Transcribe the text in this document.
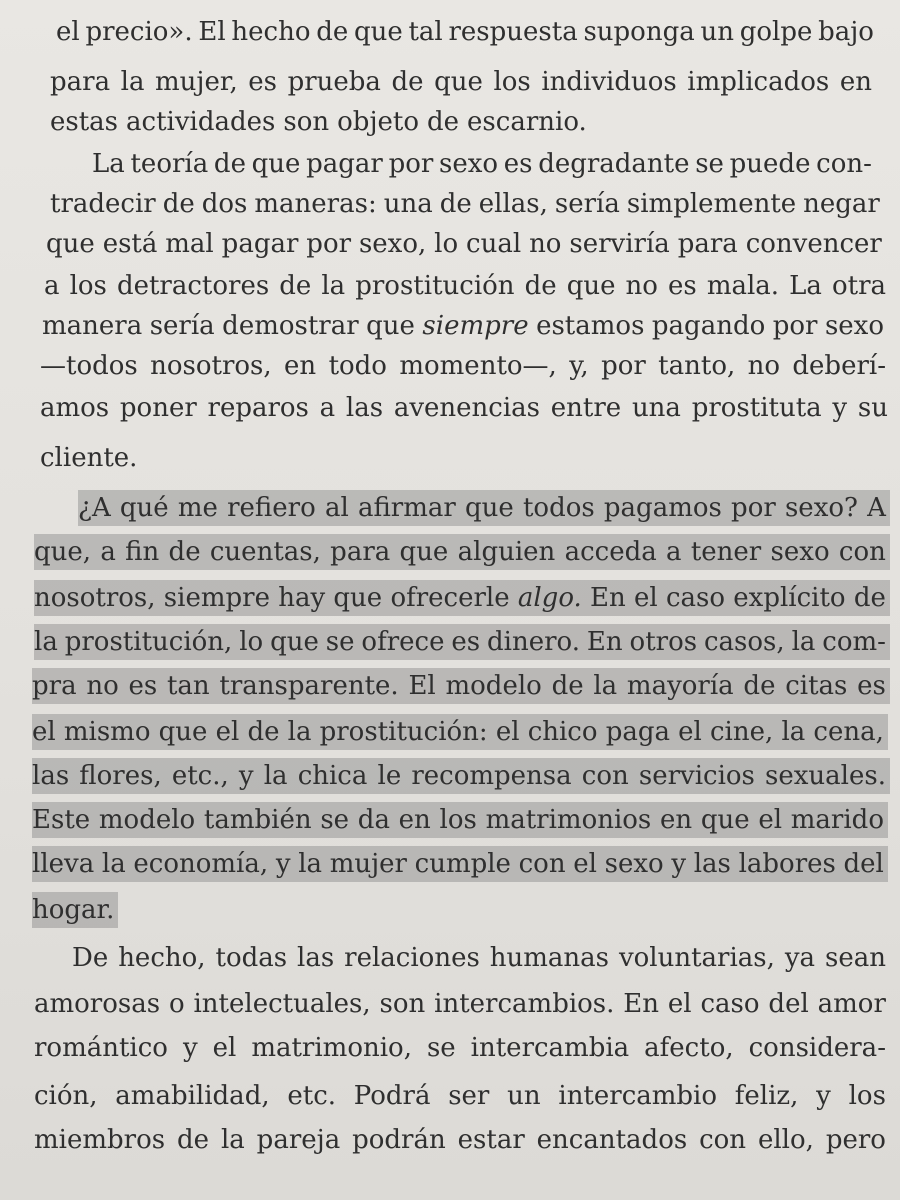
el precio». El hecho de que tal respuesta suponga un golpe bajo
para la mujer, es prueba de que los individuos implicados en
estas actividades son objeto de escarnio.
La teoría de que pagar por sexo es degradante se puede con-
tradecir de dos maneras: una de ellas, sería simplemente negar
que está mal pagar por sexo, lo cual no serviría para convencer
a los detractores de la prostitución de que no es mala. La otra
manera sería demostrar que siempre estamos pagando por sexo
—todos nosotros, en todo momento—, y, por tanto, no deberí-
amos poner reparos a las avenencias entre una prostituta y su
cliente.
¿A qué me refiero al afirmar que todos pagamos por sexo? A
que, a fin de cuentas, para que alguien acceda a tener sexo con
nosotros, siempre hay que ofrecerle algo. En el caso explícito de
la prostitución, lo que se ofrece es dinero. En otros casos, la com-
pra no es tan transparente. El modelo de la mayoría de citas es
el mismo que el de la prostitución: el chico paga el cine, la cena,
las flores, etc., y la chica le recompensa con servicios sexuales.
Este modelo también se da en los matrimonios en que el marido
lleva la economía, y la mujer cumple con el sexo y las labores del
hogar.
De hecho, todas las relaciones humanas voluntarias, ya sean
amorosas o intelectuales, son intercambios. En el caso del amor
romántico y el matrimonio, se intercambia afecto, considera-
ción, amabilidad, etc. Podrá ser un intercambio feliz, y los
miembros de la pareja podrán estar encantados con ello, pero
